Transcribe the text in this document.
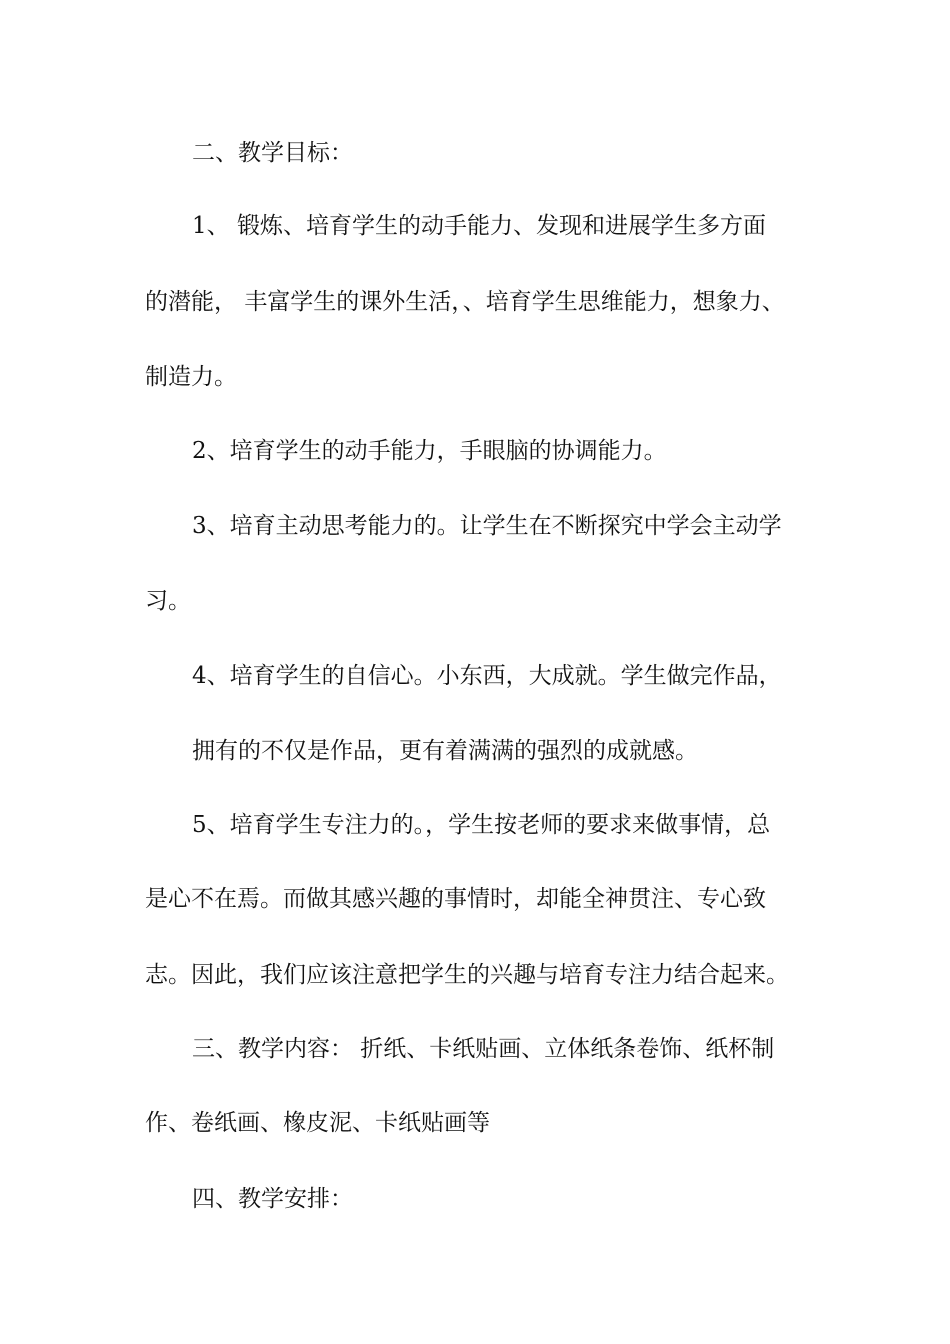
二、教学目标：
1、 锻炼、培育学生的动手能力、发现和进展学生多方面
的潜能， 丰富学生的课外生活，、培育学生思维能力，想象力、
制造力。
2、培育学生的动手能力，手眼脑的协调能力。
3、培育主动思考能力的。让学生在不断探究中学会主动学
习。
4、培育学生的自信心。小东西，大成就。学生做完作品，
拥有的不仅是作品，更有着满满的强烈的成就感。
5、培育学生专注力的。，学生按老师的要求来做事情，总
是心不在焉。而做其感兴趣的事情时，却能全神贯注、专心致
志。因此，我们应该注意把学生的兴趣与培育专注力结合起来。
三、教学内容： 折纸、卡纸贴画、立体纸条卷饰、纸杯制
作、卷纸画、橡皮泥、卡纸贴画等
四、教学安排：
